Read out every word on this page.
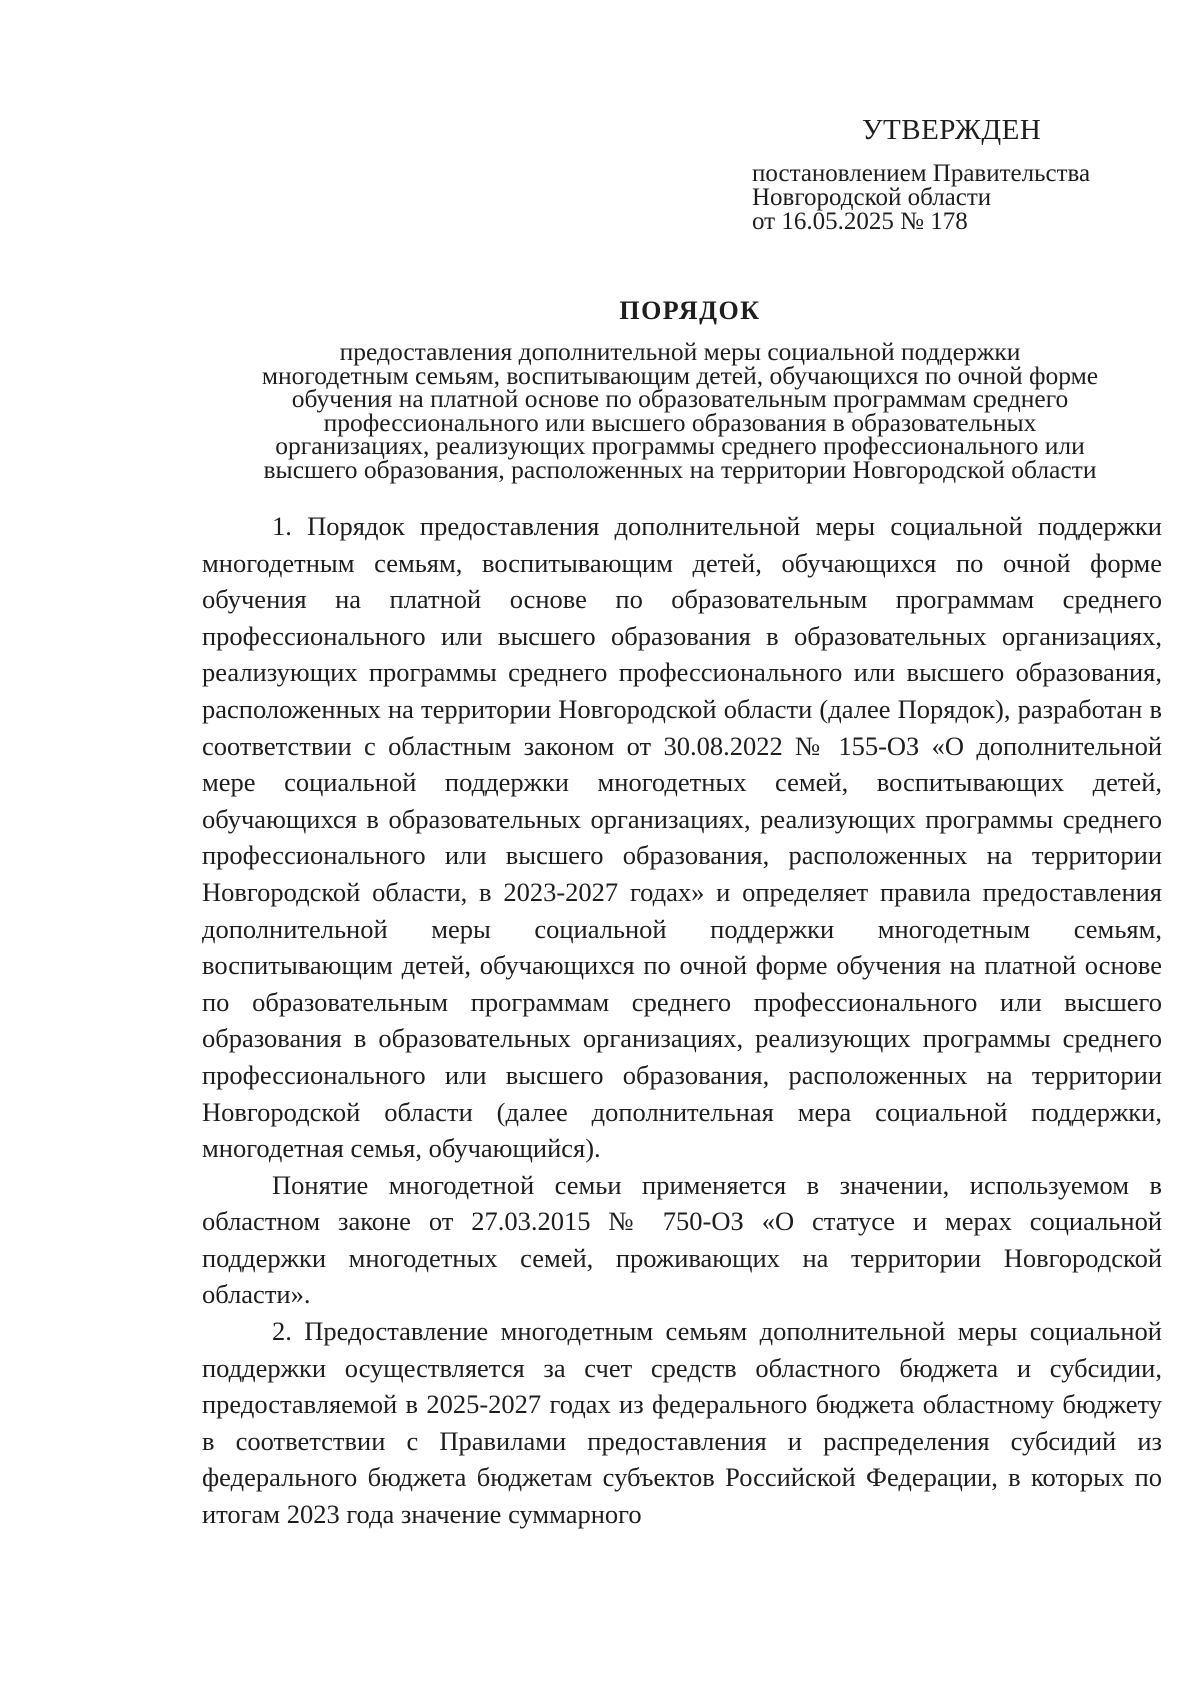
УТВЕРЖДЕН
постановлением Правительства
Новгородской области
от 16.05.2025 № 178
ПОРЯДОК
предоставления дополнительной меры социальной поддержки
многодетным семьям, воспитывающим детей, обучающихся по очной форме
обучения на платной основе по образовательным программам среднего
профессионального или высшего образования в образовательных
организациях, реализующих программы среднего профессионального или
высшего образования, расположенных на территории Новгородской области

1. Порядок предоставления дополнительной меры социальной поддержки многодетным семьям, воспитывающим детей, обучающихся по очной форме обучения на платной основе по образовательным программам среднего профессионального или высшего образования в образовательных организациях, реализующих программы среднего профессионального или высшего образования, расположенных на территории Новгородской области (далее Порядок), разработан в соответствии с областным законом от 30.08.2022 № 155-ОЗ «О дополнительной мере социальной поддержки многодетных семей, воспитывающих детей, обучающихся в образовательных организациях, реализующих программы среднего профессионального или высшего образования, расположенных на территории Новгородской области, в 2023-2027 годах» и определяет правила предоставления дополнительной меры социальной поддержки многодетным семьям, воспитывающим детей, обучающихся по очной форме обучения на платной основе по образовательным программам среднего профессионального или высшего образования в образовательных организациях, реализующих программы среднего профессионального или высшего образования, расположенных на территории Новгородской области (далее дополнительная мера социальной поддержки, многодетная семья, обучающийся).

Понятие многодетной семьи применяется в значении, используемом в областном законе от 27.03.2015 № 750-ОЗ «О статусе и мерах социальной поддержки многодетных семей, проживающих на территории Новгородской области».

2. Предоставление многодетным семьям дополнительной меры социальной поддержки осуществляется за счет средств областного бюджета и субсидии, предоставляемой в 2025-2027 годах из федерального бюджета областному бюджету в соответствии с Правилами предоставления и распределения субсидий из федерального бюджета бюджетам субъектов Российской Федерации, в которых по итогам 2023 года значение суммарного
